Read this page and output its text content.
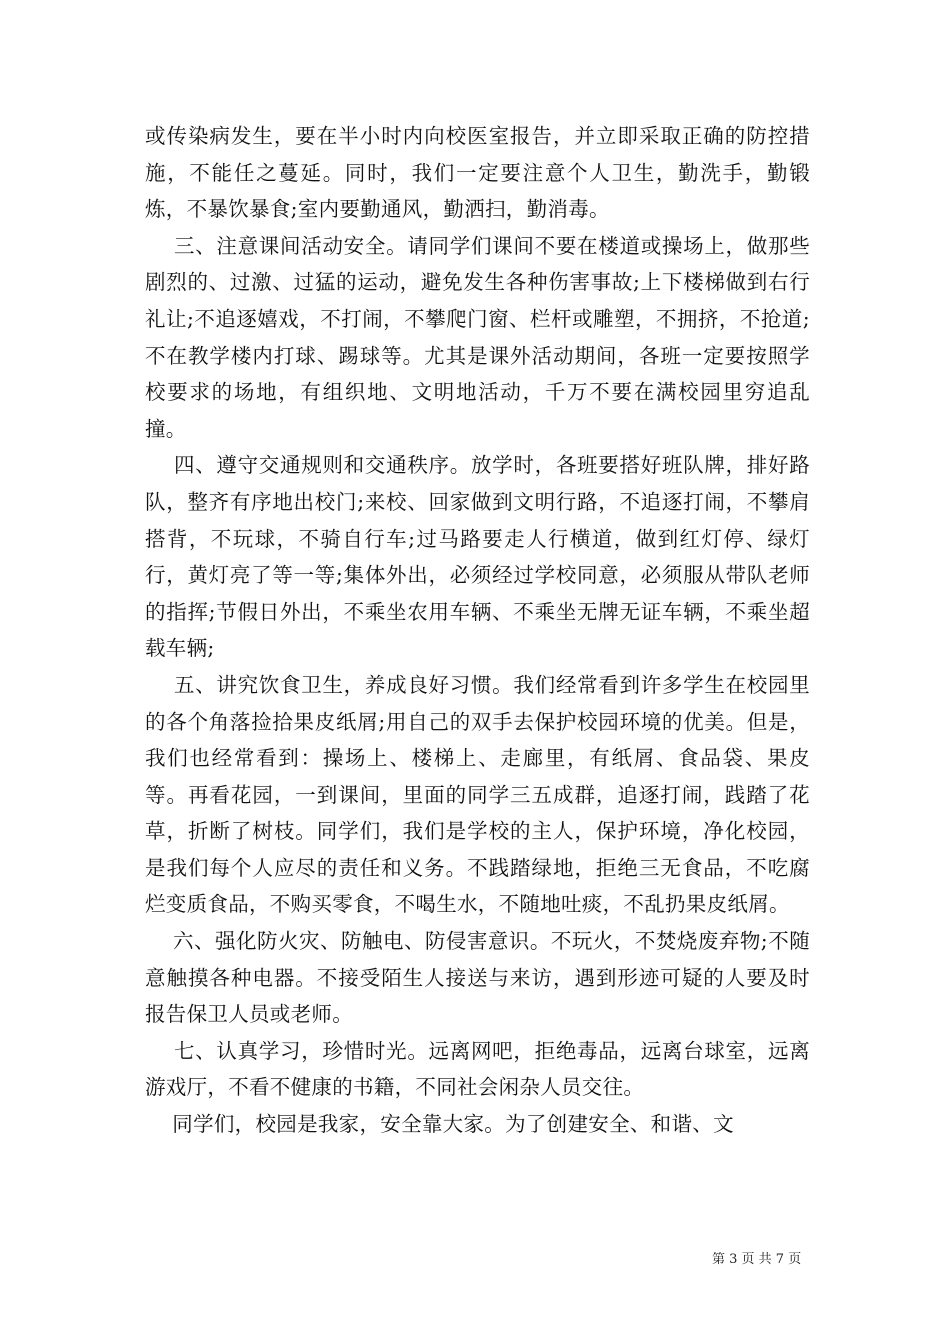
或传染病发生，要在半小时内向校医室报告，并立即采取正确的防控措施，不能任之蔓延。同时，我们一定要注意个人卫生，勤洗手，勤锻炼，不暴饮暴食;室内要勤通风，勤洒扫，勤消毒。

三、注意课间活动安全。请同学们课间不要在楼道或操场上，做那些剧烈的、过激、过猛的运动，避免发生各种伤害事故;上下楼梯做到右行礼让;不追逐嬉戏，不打闹，不攀爬门窗、栏杆或雕塑，不拥挤，不抢道;不在教学楼内打球、踢球等。尤其是课外活动期间，各班一定要按照学校要求的场地，有组织地、文明地活动，千万不要在满校园里穷追乱撞。

四、遵守交通规则和交通秩序。放学时，各班要搭好班队牌，排好路队，整齐有序地出校门;来校、回家做到文明行路，不追逐打闹，不攀肩搭背，不玩球，不骑自行车;过马路要走人行横道，做到红灯停、绿灯行，黄灯亮了等一等;集体外出，必须经过学校同意，必须服从带队老师的指挥;节假日外出，不乘坐农用车辆、不乘坐无牌无证车辆，不乘坐超载车辆;

五、讲究饮食卫生，养成良好习惯。我们经常看到许多学生在校园里的各个角落捡拾果皮纸屑;用自己的双手去保护校园环境的优美。但是，我们也经常看到：操场上、楼梯上、走廊里，有纸屑、食品袋、果皮等。再看花园，一到课间，里面的同学三五成群，追逐打闹，践踏了花草，折断了树枝。同学们，我们是学校的主人，保护环境，净化校园，是我们每个人应尽的责任和义务。不践踏绿地，拒绝三无食品，不吃腐烂变质食品，不购买零食，不喝生水，不随地吐痰，不乱扔果皮纸屑。

六、强化防火灾、防触电、防侵害意识。不玩火，不焚烧废弃物;不随意触摸各种电器。不接受陌生人接送与来访，遇到形迹可疑的人要及时报告保卫人员或老师。

七、认真学习，珍惜时光。远离网吧，拒绝毒品，远离台球室，远离游戏厅，不看不健康的书籍，不同社会闲杂人员交往。

同学们，校园是我家，安全靠大家。为了创建安全、和谐、文

第 3 页 共 7 页
